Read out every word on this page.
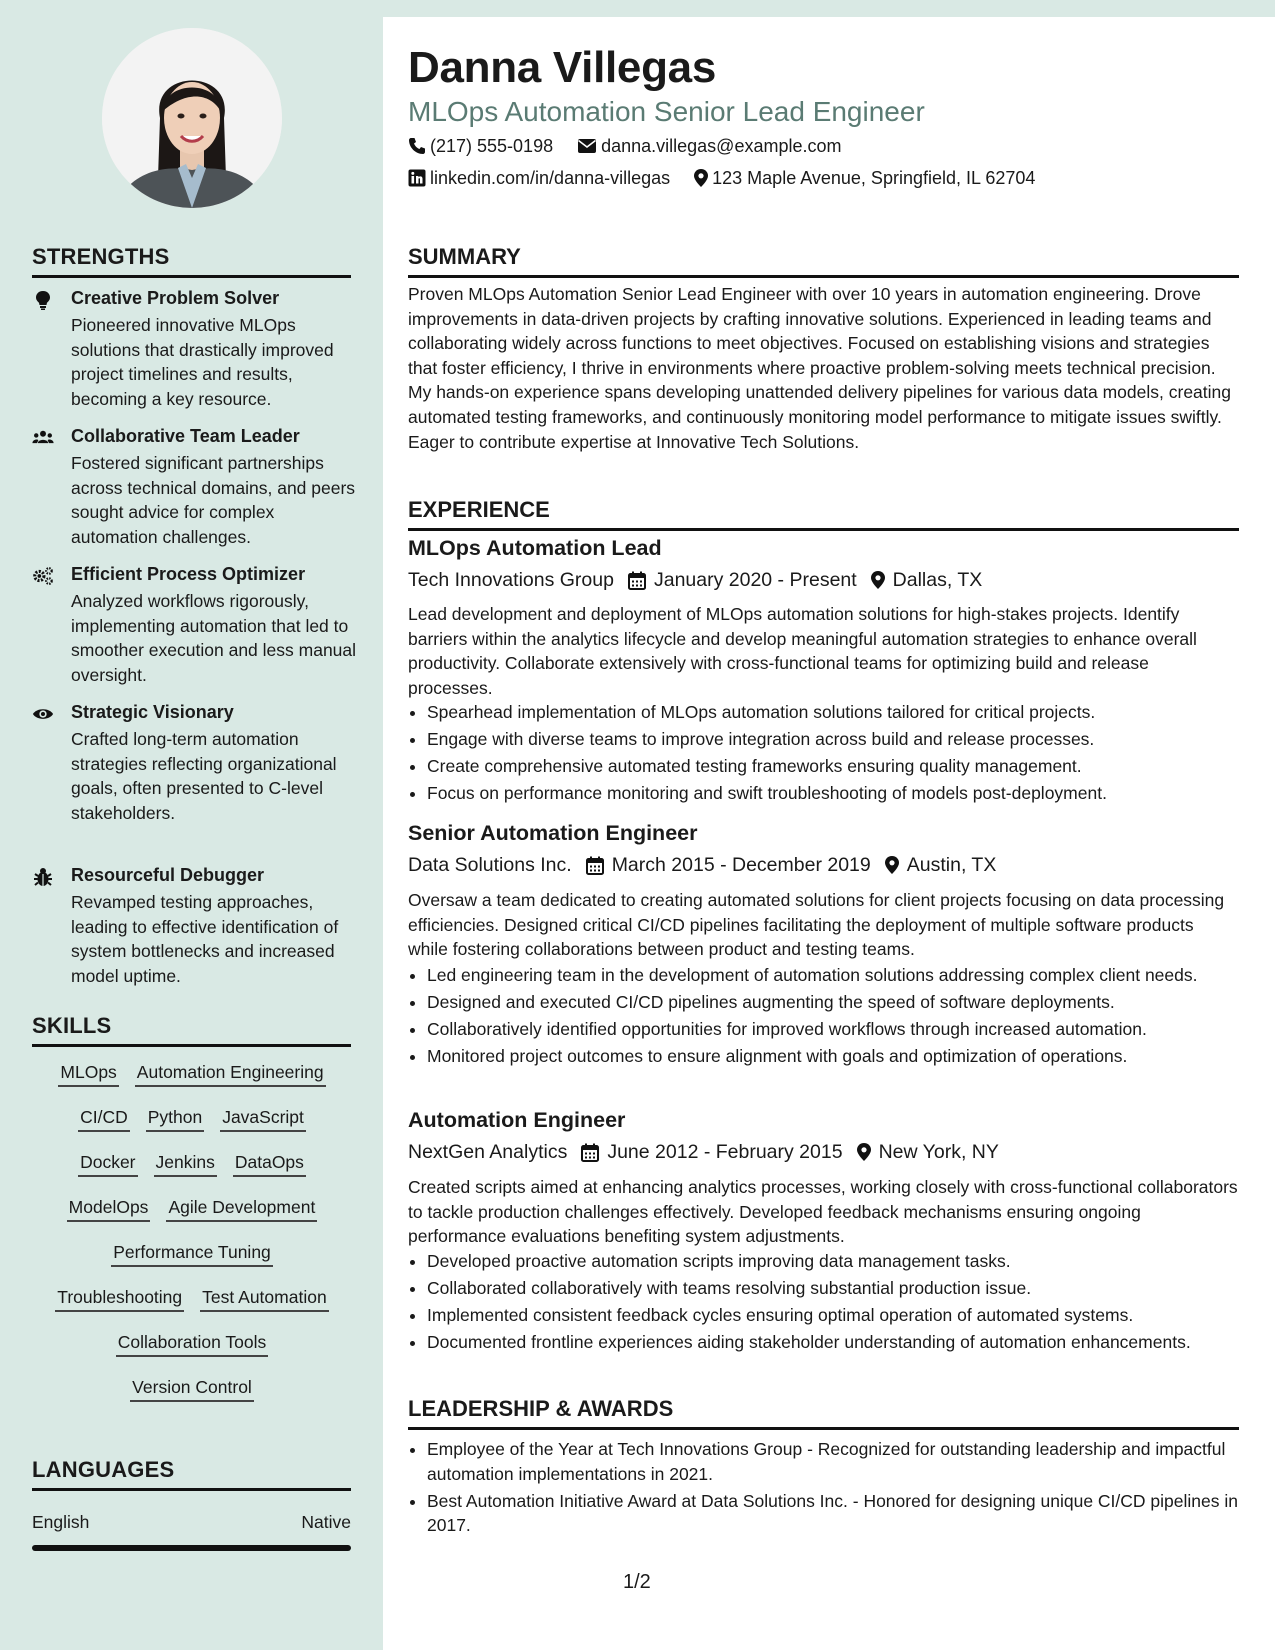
STRENGTHS
Creative Problem Solver
Pioneered innovative MLOps solutions that drastically improved project timelines and results, becoming a key resource.
Collaborative Team Leader
Fostered significant partnerships across technical domains, and peers sought advice for complex automation challenges.
Efficient Process Optimizer
Analyzed workflows rigorously, implementing automation that led to smoother execution and less manual oversight.
Strategic Visionary
Crafted long-term automation strategies reflecting organizational goals, often presented to C-level stakeholders.
Resourceful Debugger
Revamped testing approaches, leading to effective identification of system bottlenecks and increased model uptime.
SKILLS
MLOps Automation Engineering
CI/CD Python JavaScript
Docker Jenkins DataOps
ModelOps Agile Development
Performance Tuning
Troubleshooting Test Automation
Collaboration Tools
Version Control
LANGUAGES
English	Native
Danna Villegas
MLOps Automation Senior Lead Engineer
(217) 555-0198	danna.villegas@example.com
linkedin.com/in/danna-villegas 123 Maple Avenue, Springfield, IL 62704
SUMMARY
Proven MLOps Automation Senior Lead Engineer with over 10 years in automation engineering. Drove improvements in data-driven projects by crafting innovative solutions. Experienced in leading teams and collaborating widely across functions to meet objectives. Focused on establishing visions and strategies that foster efficiency, I thrive in environments where proactive problem-solving meets technical precision. My hands-on experience spans developing unattended delivery pipelines for various data models, creating automated testing frameworks, and continuously monitoring model performance to mitigate issues swiftly. Eager to contribute expertise at Innovative Tech Solutions.
EXPERIENCE
MLOps Automation Lead
Tech Innovations Group January 2020 - Present Dallas, TX
Lead development and deployment of MLOps automation solutions for high-stakes projects. Identify barriers within the analytics lifecycle and develop meaningful automation strategies to enhance overall productivity. Collaborate extensively with cross-functional teams for optimizing build and release processes.
• Spearhead implementation of MLOps automation solutions tailored for critical projects.
• Engage with diverse teams to improve integration across build and release processes.
• Create comprehensive automated testing frameworks ensuring quality management.
• Focus on performance monitoring and swift troubleshooting of models post-deployment.
Senior Automation Engineer
Data Solutions Inc. March 2015 - December 2019 Austin, TX
Oversaw a team dedicated to creating automated solutions for client projects focusing on data processing efficiencies. Designed critical CI/CD pipelines facilitating the deployment of multiple software products while fostering collaborations between product and testing teams.
• Led engineering team in the development of automation solutions addressing complex client needs.
• Designed and executed CI/CD pipelines augmenting the speed of software deployments.
• Collaboratively identified opportunities for improved workflows through increased automation.
• Monitored project outcomes to ensure alignment with goals and optimization of operations.
Automation Engineer
NextGen Analytics June 2012 - February 2015 New York, NY
Created scripts aimed at enhancing analytics processes, working closely with cross-functional collaborators to tackle production challenges effectively. Developed feedback mechanisms ensuring ongoing performance evaluations benefiting system adjustments.
• Developed proactive automation scripts improving data management tasks.
• Collaborated collaboratively with teams resolving substantial production issue.
• Implemented consistent feedback cycles ensuring optimal operation of automated systems.
• Documented frontline experiences aiding stakeholder understanding of automation enhancements.
LEADERSHIP & AWARDS
• Employee of the Year at Tech Innovations Group - Recognized for outstanding leadership and impactful automation implementations in 2021.
• Best Automation Initiative Award at Data Solutions Inc. - Honored for designing unique CI/CD pipelines in 2017.
1/2
